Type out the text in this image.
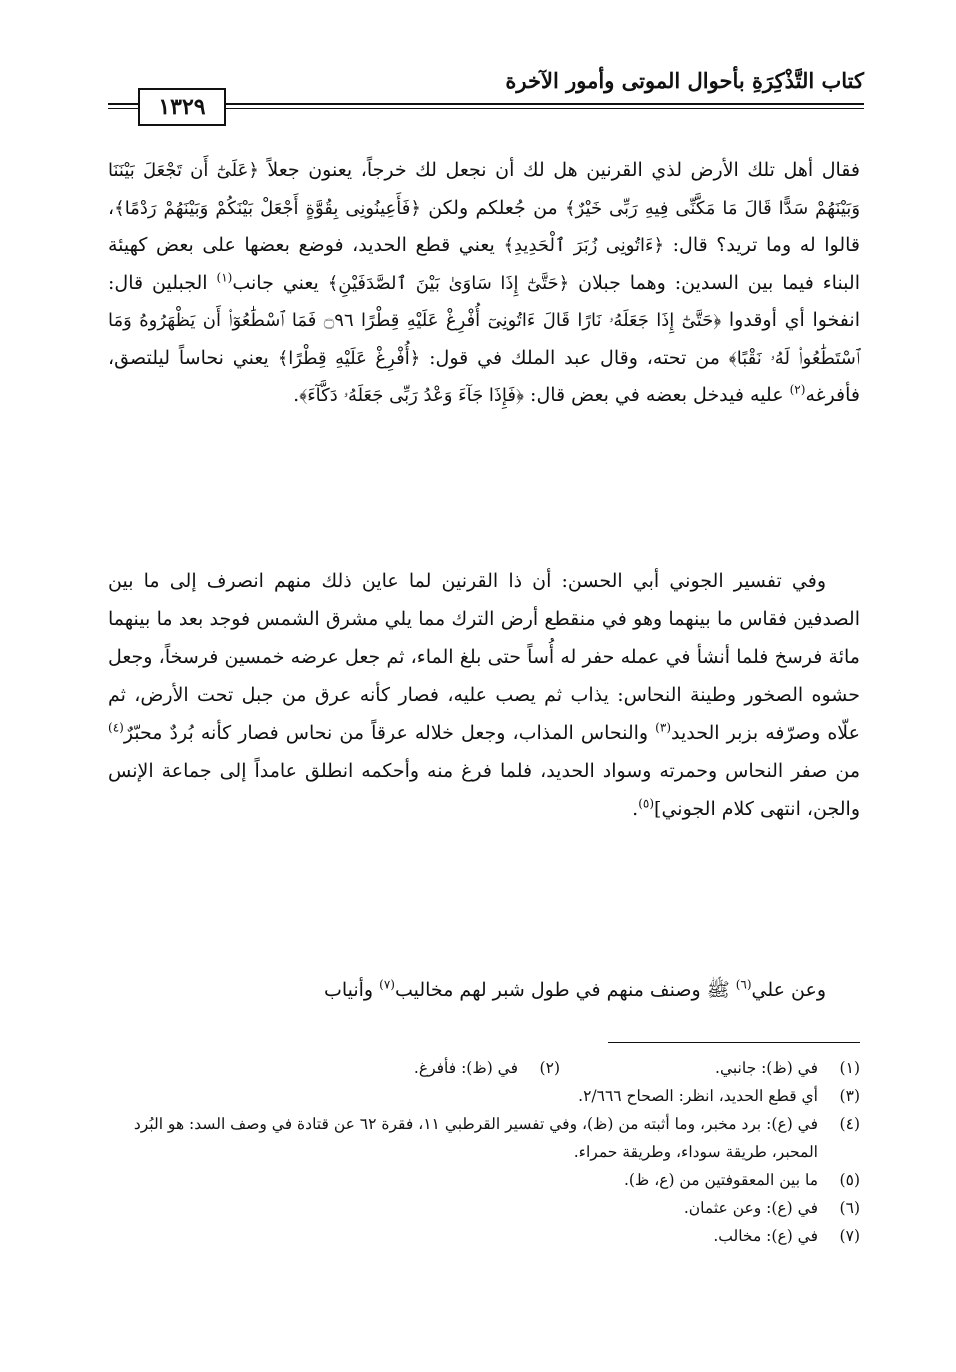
كتاب التَّذْكِرَةِ بأحوال الموتى وأمور الآخرة
١٣٢٩
فقال أهل تلك الأرض لذي القرنين هل لك أن نجعل لك خرجاً، يعنون جعلاً ﴿عَلَىٰٓ أَن تَجْعَلَ بَيْنَنَا وَبَيْنَهُمْ سَدًّا قَالَ مَا مَكَّنِّى فِيهِ رَبِّى خَيْرٌ﴾ من جُعلكم ولكن ﴿فَأَعِينُونِى بِقُوَّةٍ أَجْعَلْ بَيْنَكُمْ وَبَيْنَهُمْ رَدْمًا﴾، قالوا له وما تريد؟ قال: ﴿ءَاتُونِى زُبَرَ ٱلْحَدِيدِ﴾ يعني قطع الحديد، فوضع بعضها على بعض كهيئة البناء فيما بين السدين: وهما جبلان ﴿حَتَّىٰٓ إِذَا سَاوَىٰ بَيْنَ ٱلصَّدَفَيْنِ﴾ يعني جانب$^{(١)}$ الجبلين قال: انفخوا أي أوقدوا ﴿حَتَّىٰٓ إِذَا جَعَلَهُۥ نَارًا قَالَ ءَاتُونِىٓ أُفْرِغْ عَلَيْهِ قِطْرًا ۝٩٦ فَمَا ٱسْطَٰعُوٓا۟ أَن يَظْهَرُوهُ وَمَا ٱسْتَطَٰعُوا۟ لَهُۥ نَقْبًا﴾ من تحته، وقال عبد الملك في قول: ﴿أُفْرِغْ عَلَيْهِ قِطْرًا﴾ يعني نحاساً ليلتصق، فأفرغه$^{(٢)}$ عليه فيدخل بعضه في بعض قال: ﴿فَإِذَا جَآءَ وَعْدُ رَبِّى جَعَلَهُۥ دَكَّآءَ﴾.
وفي تفسير الجوني أبي الحسن: أن ذا القرنين لما عاين ذلك منهم انصرف إلى ما بين الصدفين فقاس ما بينهما وهو في منقطع أرض الترك مما يلي مشرق الشمس فوجد بعد ما بينهما مائة فرسخ فلما أنشأ في عمله حفر له أُساً حتى بلغ الماء، ثم جعل عرضه خمسين فرسخاً، وجعل حشوه الصخور وطينة النحاس: يذاب ثم يصب عليه، فصار كأنه عرق من جبل تحت الأرض، ثم علّاه وصرّفه بزبر الحديد$^{(٣)}$ والنحاس المذاب، وجعل خلاله عرقاً من نحاس فصار كأنه بُردٌ محبّرٌ$^{(٤)}$ من صفر النحاس وحمرته وسواد الحديد، فلما فرغ منه وأحكمه انطلق عامداً إلى جماعة الإنس والجن، انتهى كلام الجوني]$^{(٥)}$.
وعن علي$^{(٦)}$ ﷺ وصنف منهم في طول شبر لهم مخاليب$^{(٧)}$ وأنياب
(١)
في (ظ): جانبي.
(٢)
في (ظ): فأفرغ.
(٣)
أي قطع الحديد، انظر: الصحاح ٢/٦٦٦.
(٤)
في (ع): برد مخبر، وما أثبته من (ظ)، وفي تفسير القرطبي ١١، فقرة ٦٢ عن قتادة في وصف السد: هو البُرد المحبر، طريقة سوداء، وطريقة حمراء.
(٥)
ما بين المعقوفتين من (ع، ظ).
(٦)
في (ع): وعن عثمان.
(٧)
في (ع): مخالب.
